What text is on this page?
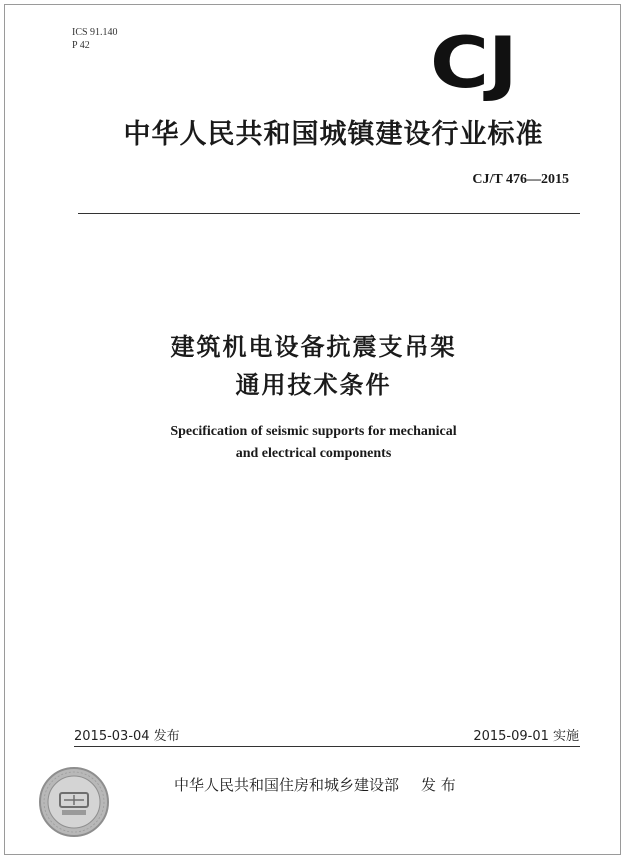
ICS 91.140
P 42	CJ
中华人民共和国城镇建设行业标准
CJ/T 476—2015
建筑机电设备抗震支吊架
通用技术条件
Specification of seismic supports for mechanical
and electrical components
2015-03-04 发布	2015-09-01 实施
中华人民共和国住房和城乡建设部 发 布
